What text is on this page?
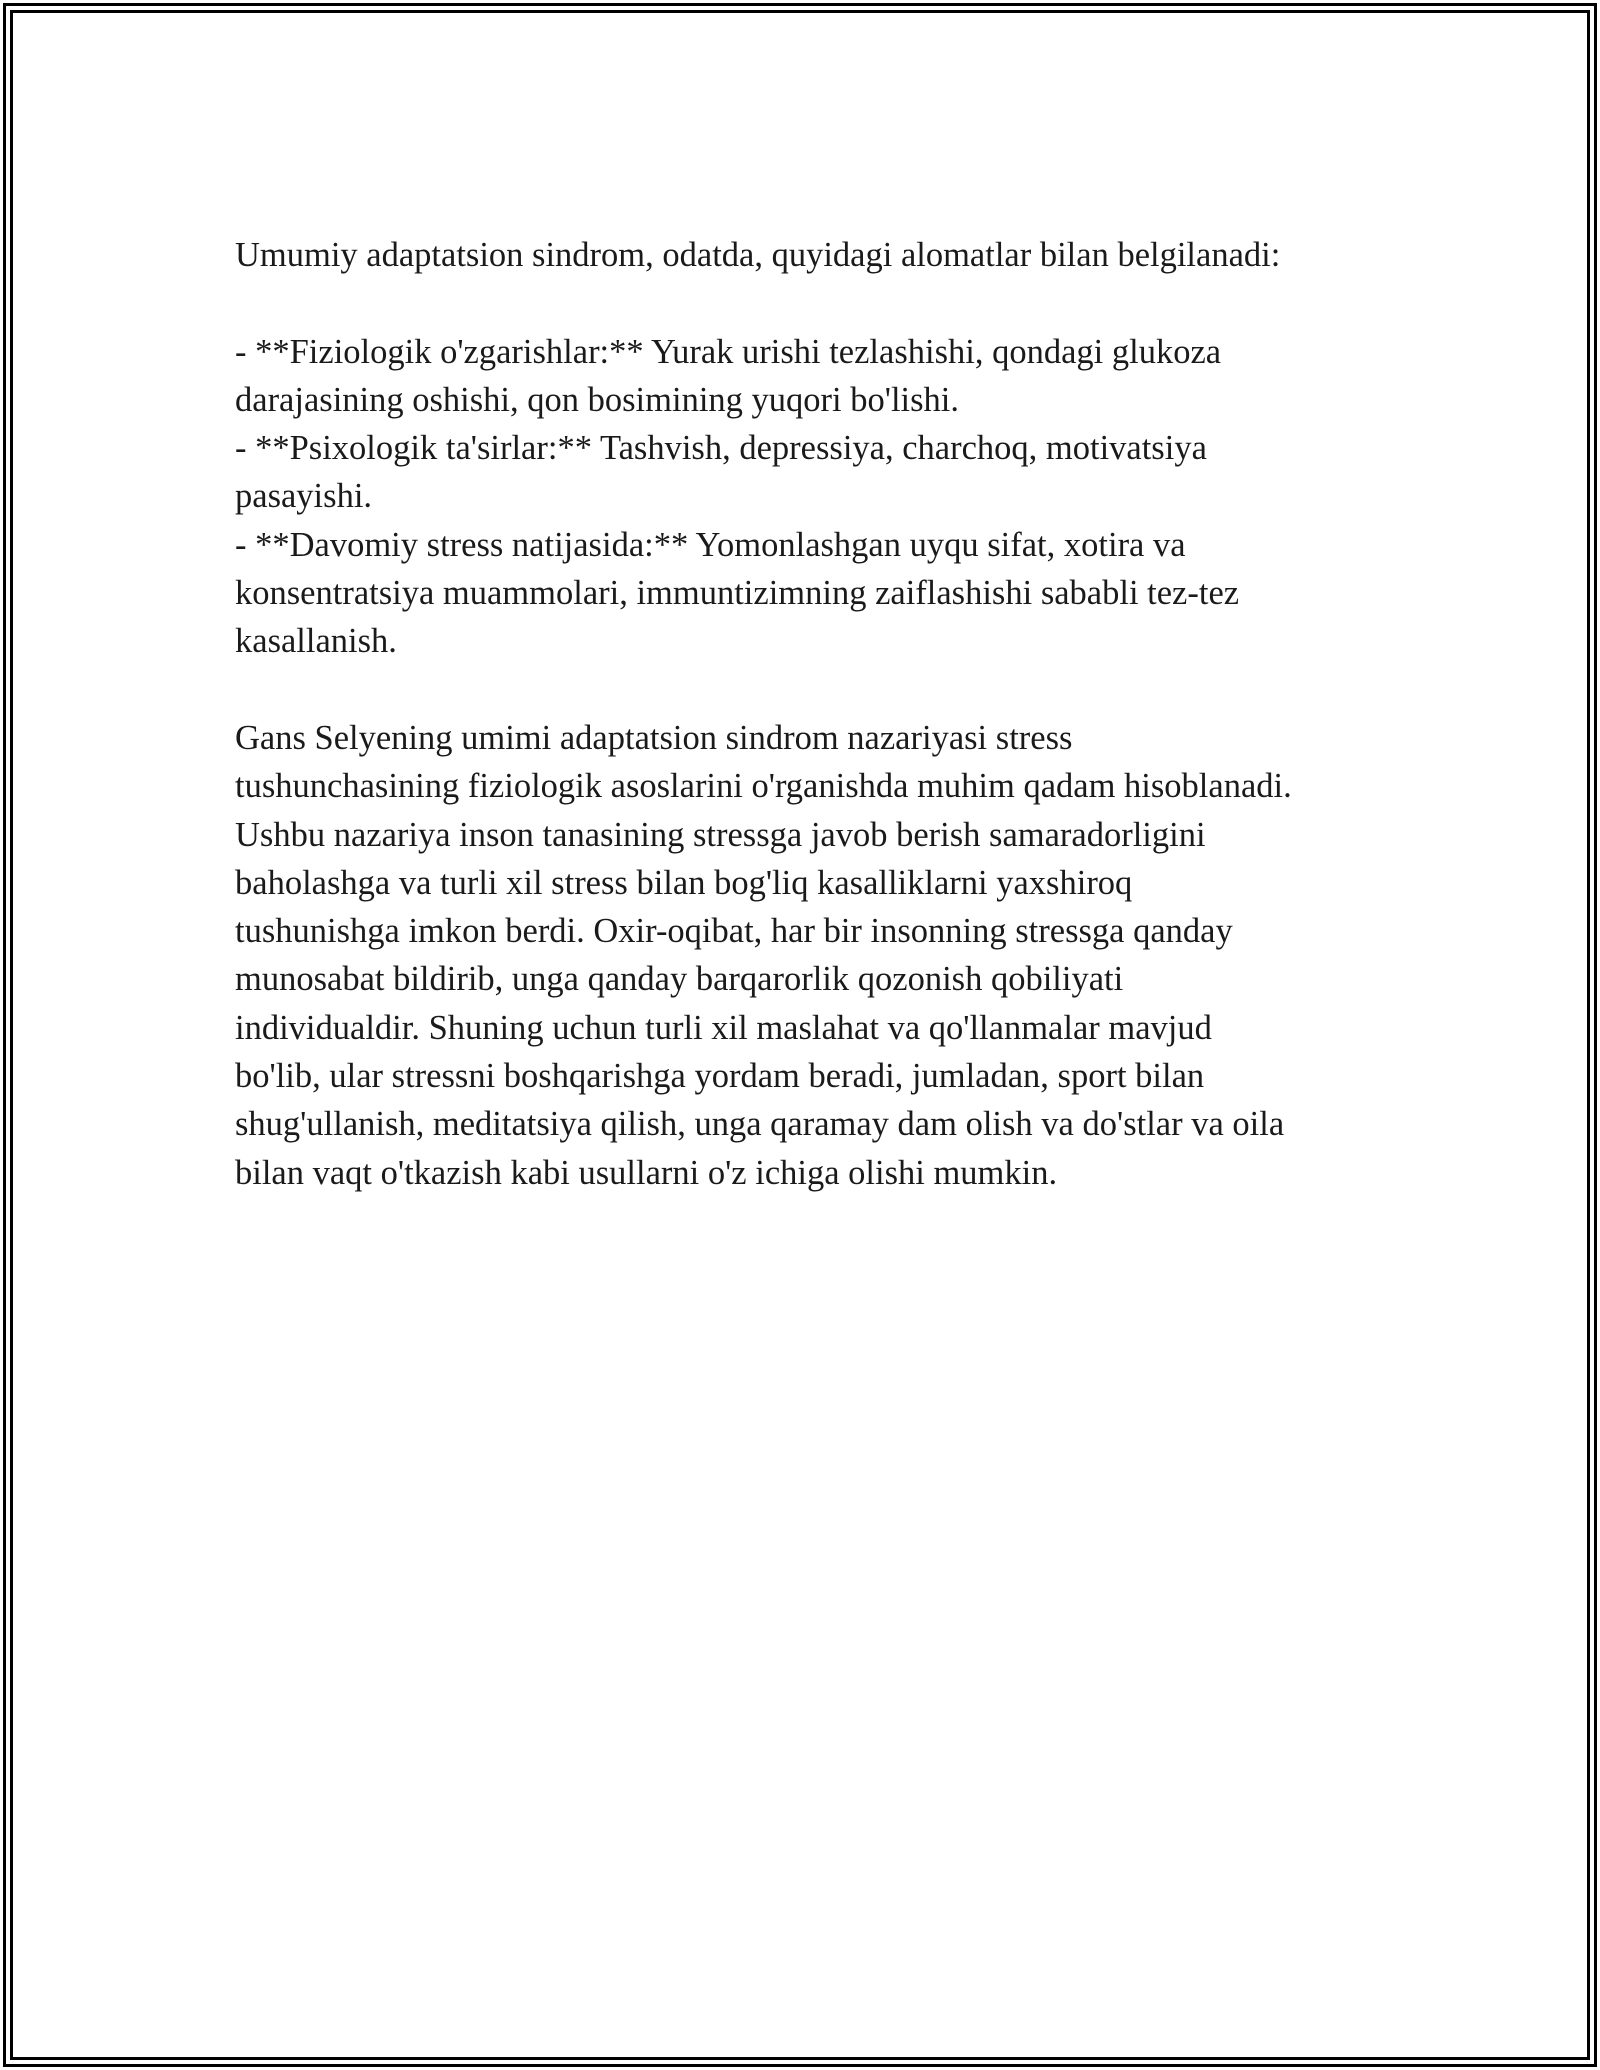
Umumiy adaptatsion sindrom, odatda, quyidagi alomatlar bilan belgilanadi:

- **Fiziologik o'zgarishlar:** Yurak urishi tezlashishi, qondagi glukoza

darajasining oshishi, qon bosimining yuqori bo'lishi.

- **Psixologik ta'sirlar:** Tashvish, depressiya, charchoq, motivatsiya

pasayishi.

- **Davomiy stress natijasida:** Yomonlashgan uyqu sifat, xotira va

konsentratsiya muammolari, immuntizimning zaiflashishi sababli tez-tez

kasallanish.

Gans Selyening umimi adaptatsion sindrom nazariyasi stress

tushunchasining fiziologik asoslarini o'rganishda muhim qadam hisoblanadi.

Ushbu nazariya inson tanasining stressga javob berish samaradorligini

baholashga va turli xil stress bilan bog'liq kasalliklarni yaxshiroq

tushunishga imkon berdi. Oxir-oqibat, har bir insonning stressga qanday

munosabat bildirib, unga qanday barqarorlik qozonish qobiliyati

individualdir. Shuning uchun turli xil maslahat va qo'llanmalar mavjud

bo'lib, ular stressni boshqarishga yordam beradi, jumladan, sport bilan

shug'ullanish, meditatsiya qilish, unga qaramay dam olish va do'stlar va oila

bilan vaqt o'tkazish kabi usullarni o'z ichiga olishi mumkin.
